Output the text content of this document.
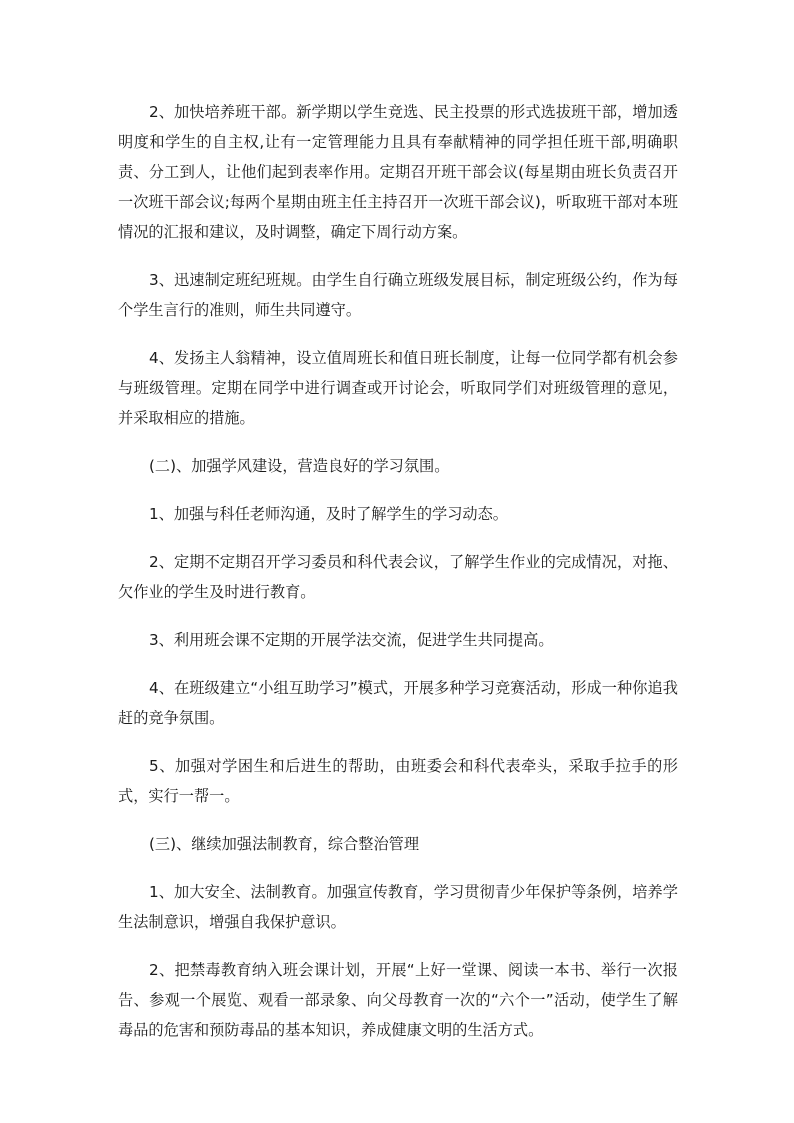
2、加快培养班干部。新学期以学生竞选、民主投票的形式选拔班干部，增加透明度和学生的自主权,让有一定管理能力且具有奉献精神的同学担任班干部,明确职责、分工到人，让他们起到表率作用。定期召开班干部会议(每星期由班长负责召开一次班干部会议;每两个星期由班主任主持召开一次班干部会议)，听取班干部对本班情况的汇报和建议，及时调整，确定下周行动方案。

3、迅速制定班纪班规。由学生自行确立班级发展目标，制定班级公约，作为每个学生言行的准则，师生共同遵守。

4、发扬主人翁精神，设立值周班长和值日班长制度，让每一位同学都有机会参与班级管理。定期在同学中进行调查或开讨论会，听取同学们对班级管理的意见，并采取相应的措施。

(二)、加强学风建设，营造良好的学习氛围。

1、加强与科任老师沟通，及时了解学生的学习动态。

2、定期不定期召开学习委员和科代表会议，了解学生作业的完成情况，对拖、欠作业的学生及时进行教育。

3、利用班会课不定期的开展学法交流，促进学生共同提高。

4、在班级建立“小组互助学习”模式，开展多种学习竞赛活动，形成一种你追我赶的竞争氛围。

5、加强对学困生和后进生的帮助，由班委会和科代表牵头，采取手拉手的形式，实行一帮一。

(三)、继续加强法制教育，综合整治管理

1、加大安全、法制教育。加强宣传教育，学习贯彻青少年保护等条例，培养学生法制意识，增强自我保护意识。

2、把禁毒教育纳入班会课计划，开展“上好一堂课、阅读一本书、举行一次报告、参观一个展览、观看一部录象、向父母教育一次的“六个一”活动，使学生了解毒品的危害和预防毒品的基本知识，养成健康文明的生活方式。
